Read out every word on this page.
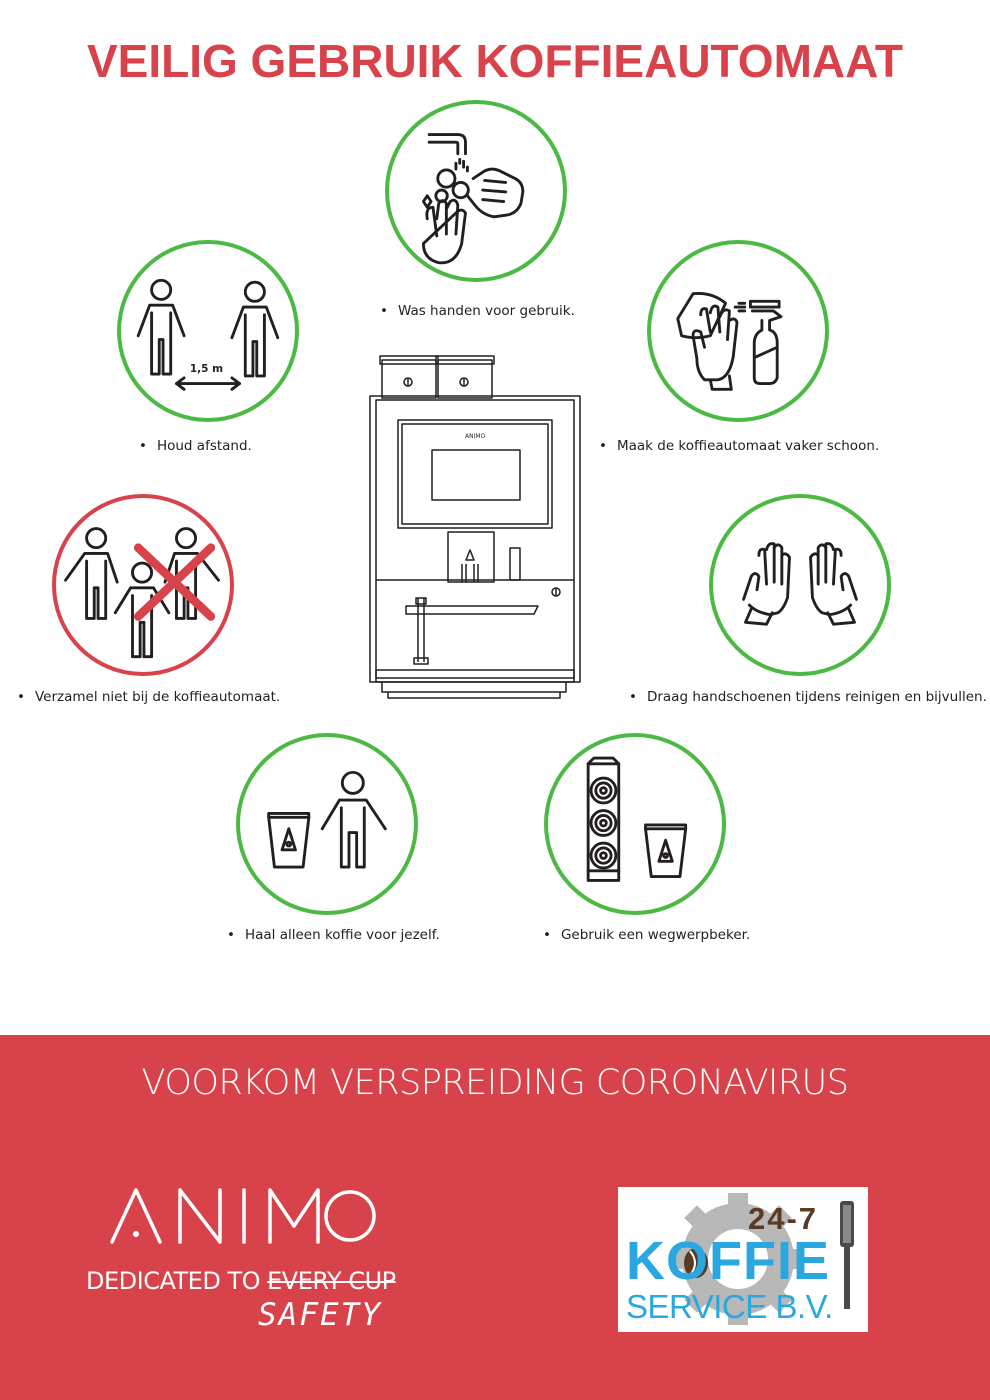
VEILIG GEBRUIK KOFFIEAUTOMAAT
• Was handen voor gebruik.
1,5 m
• Houd afstand.	• Maak de koffieautomaat vaker schoon.
• Verzamel niet bij de koffieautomaat.	• Draag handschoenen tijdens reinigen en bijvullen.
• Haal alleen koffie voor jezelf.	• Gebruik een wegwerpbeker.
ANIMO
VOORKOM VERSPREIDING CORONAVIRUS
DEDICATED TO EVERY CUP
SAFETY
24-7
KOFFIE
SERVICE B.V.
